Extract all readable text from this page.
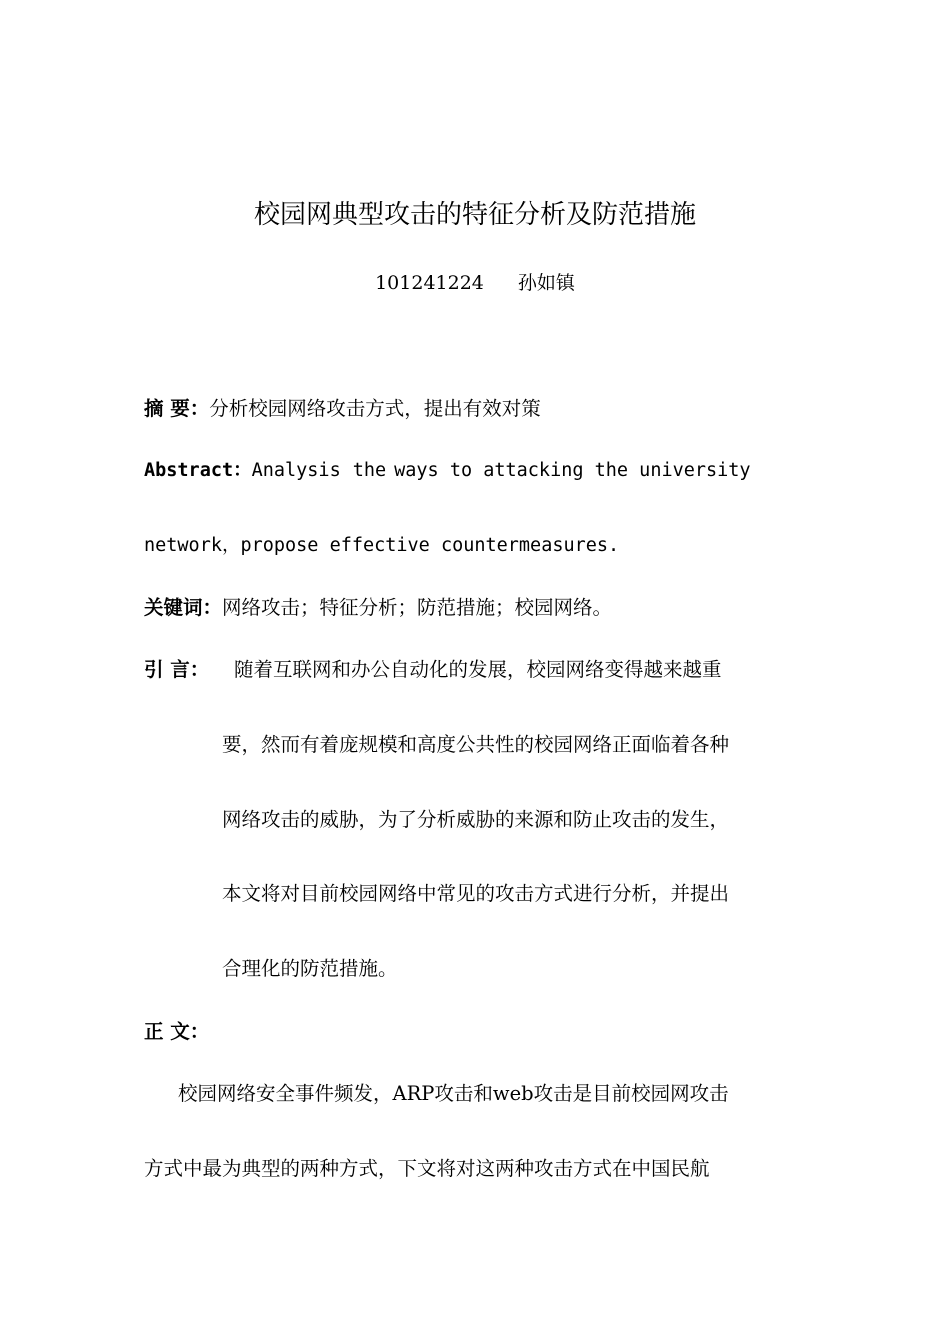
校园网典型攻击的特征分析及防范措施
101241224 孙如镇
摘 要：分析校园网络攻击方式，提出有效对策
Abstract：Analysis the ways to attacking the university
network，propose effective countermeasures.
关键词：网络攻击；特征分析；防范措施；校园网络。
引 言： 随着互联网和办公自动化的发展，校园网络变得越来越重
要，然而有着庞规模和高度公共性的校园网络正面临着各种
网络攻击的威胁，为了分析威胁的来源和防止攻击的发生，
本文将对目前校园网络中常见的攻击方式进行分析，并提出
合理化的防范措施。
正 文：
校园网络安全事件频发，ARP攻击和web攻击是目前校园网攻击
方式中最为典型的两种方式，下文将对这两种攻击方式在中国民航
